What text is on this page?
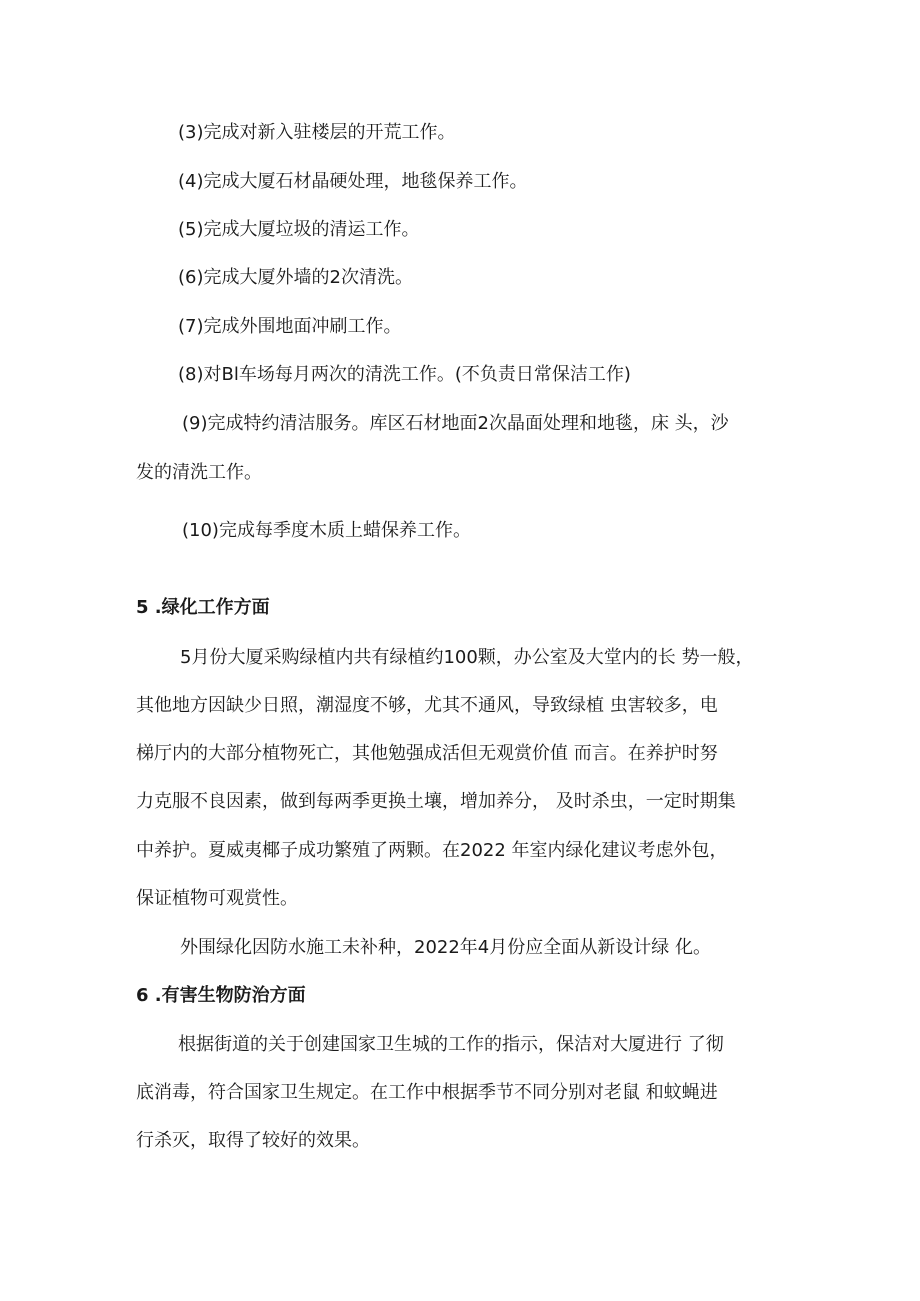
(3)完成对新入驻楼层的开荒工作。

(4)完成大厦石材晶硬处理，地毯保养工作。

(5)完成大厦垃圾的清运工作。

(6)完成大厦外墙的2次清洗。

(7)完成外围地面冲刷工作。

(8)对Bl车场每月两次的清洗工作。(不负责日常保洁工作)

(9)完成特约清洁服务。库区石材地面2次晶面处理和地毯，床 头，沙

发的清洗工作。

(10)完成每季度木质上蜡保养工作。

5 .绿化工作方面

5月份大厦采购绿植内共有绿植约100颗，办公室及大堂内的长 势一般，

其他地方因缺少日照，潮湿度不够，尤其不通风，导致绿植 虫害较多，电

梯厅内的大部分植物死亡，其他勉强成活但无观赏价值 而言。在养护时努

力克服不良因素，做到每两季更换土壤，增加养分， 及时杀虫，一定时期集

中养护。夏威夷椰子成功繁殖了两颗。在2022 年室内绿化建议考虑外包，

保证植物可观赏性。

外围绿化因防水施工未补种，2022年4月份应全面从新设计绿 化。

6 .有害生物防治方面

根据街道的关于创建国家卫生城的工作的指示，保洁对大厦进行 了彻

底消毒，符合国家卫生规定。在工作中根据季节不同分别对老鼠 和蚊蝇进

行杀灭，取得了较好的效果。
